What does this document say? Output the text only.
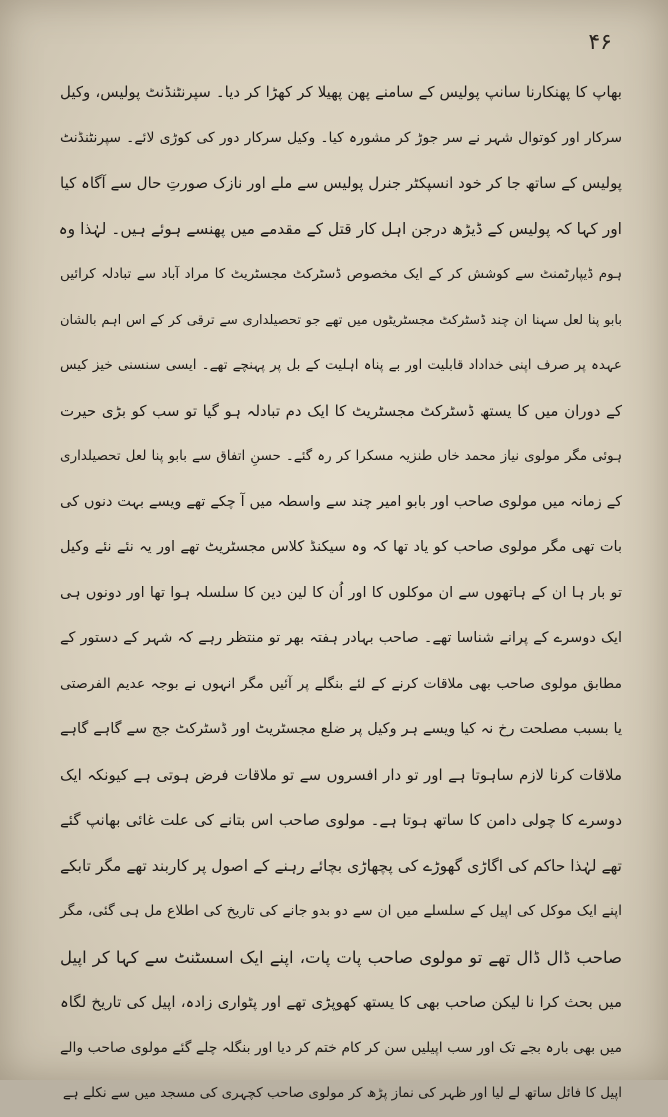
۴۶
بھاپ کا پھنکارنا سانپ پولیس کے سامنے پھن پھیلا کر کھڑا کر دیا۔ سپرنٹنڈنٹ پولیس، وکیل
سرکار اور کوتوال شہر نے سر جوڑ کر مشورہ کیا۔ وکیل سرکار دور کی کوڑی لائے۔ سپرنٹنڈنٹ
پولیس کے ساتھ جا کر خود انسپکٹر جنرل پولیس سے ملے اور نازک صورتِ حال سے آگاہ کیا
اور کہا کہ پولیس کے ڈیڑھ درجن اہل کار قتل کے مقدمے میں پھنسے ہوئے ہیں۔ لہٰذا وہ
ہوم ڈیپارٹمنٹ سے کوشش کر کے ایک مخصوص ڈسٹرکٹ مجسٹریٹ کا مراد آباد سے تبادلہ کرائیں
بابو پنا لعل سہنا ان چند ڈسٹرکٹ مجسٹریٹوں میں تھے جو تحصیلداری سے ترقی کر کے اس اہم بالشان
عہدہ پر صرف اپنی خداداد قابلیت اور بے پناہ اہلیت کے بل پر پہنچے تھے۔ ایسی سنسنی خیز کیس
کے دوران میں کا یستھ ڈسٹرکٹ مجسٹریٹ کا ایک دم تبادلہ ہو گیا تو سب کو بڑی حیرت
ہوئی مگر مولوی نیاز محمد خاں طنزیہ مسکرا کر رہ گئے۔ حسنِ اتفاق سے بابو پنا لعل تحصیلداری
کے زمانہ میں مولوی صاحب اور بابو امیر چند سے واسطہ میں آ چکے تھے ویسے بہت دنوں کی
بات تھی مگر مولوی صاحب کو یاد تھا کہ وہ سیکنڈ کلاس مجسٹریٹ تھے اور یہ نئے نئے وکیل
تو بار ہا ان کے ہاتھوں سے ان موکلوں کا اور اُن کا لین دین کا سلسلہ ہوا تھا اور دونوں ہی
ایک دوسرے کے پرانے شناسا تھے۔ صاحب بہادر ہفتہ بھر تو منتظر رہے کہ شہر کے دستور کے
مطابق مولوی صاحب بھی ملاقات کرنے کے لئے بنگلے پر آئیں مگر انہوں نے بوجہ عدیم الفرصتی
یا بسبب مصلحت رخ نہ کیا ویسے ہر وکیل پر ضلع مجسٹریٹ اور ڈسٹرکٹ جج سے گاہے گاہے
ملاقات کرنا لازم ساہوتا ہے اور تو دار افسروں سے تو ملاقات فرض ہوتی ہے کیونکہ ایک
دوسرے کا چولی دامن کا ساتھ ہوتا ہے۔ مولوی صاحب اس بتانے کی علت غائی بھانپ گئے
تھے لہٰذا حاکم کی اگاڑی گھوڑے کی پچھاڑی بچائے رہنے کے اصول پر کاربند تھے مگر تابکے
اپنے ایک موکل کی اپیل کے سلسلے میں ان سے دو بدو جانے کی تاریخ کی اطلاع مل ہی گئی، مگر
صاحب ڈال ڈال تھے تو مولوی صاحب پات پات، اپنے ایک اسسٹنٹ سے کہا کر اپیل
میں بحث کرا نا لیکن صاحب بھی کا یستھ کھوپڑی تھے اور پٹواری زادہ، اپیل کی تاریخ لگاہ
میں بھی بارہ بجے تک اور سب اپیلیں سن کر کام ختم کر دیا اور بنگلہ چلے گئے مولوی صاحب والے
اپیل کا فائل ساتھ لے لیا اور ظہر کی نماز پڑھ کر مولوی صاحب کچہری کی مسجد میں سے نکلے ہے
